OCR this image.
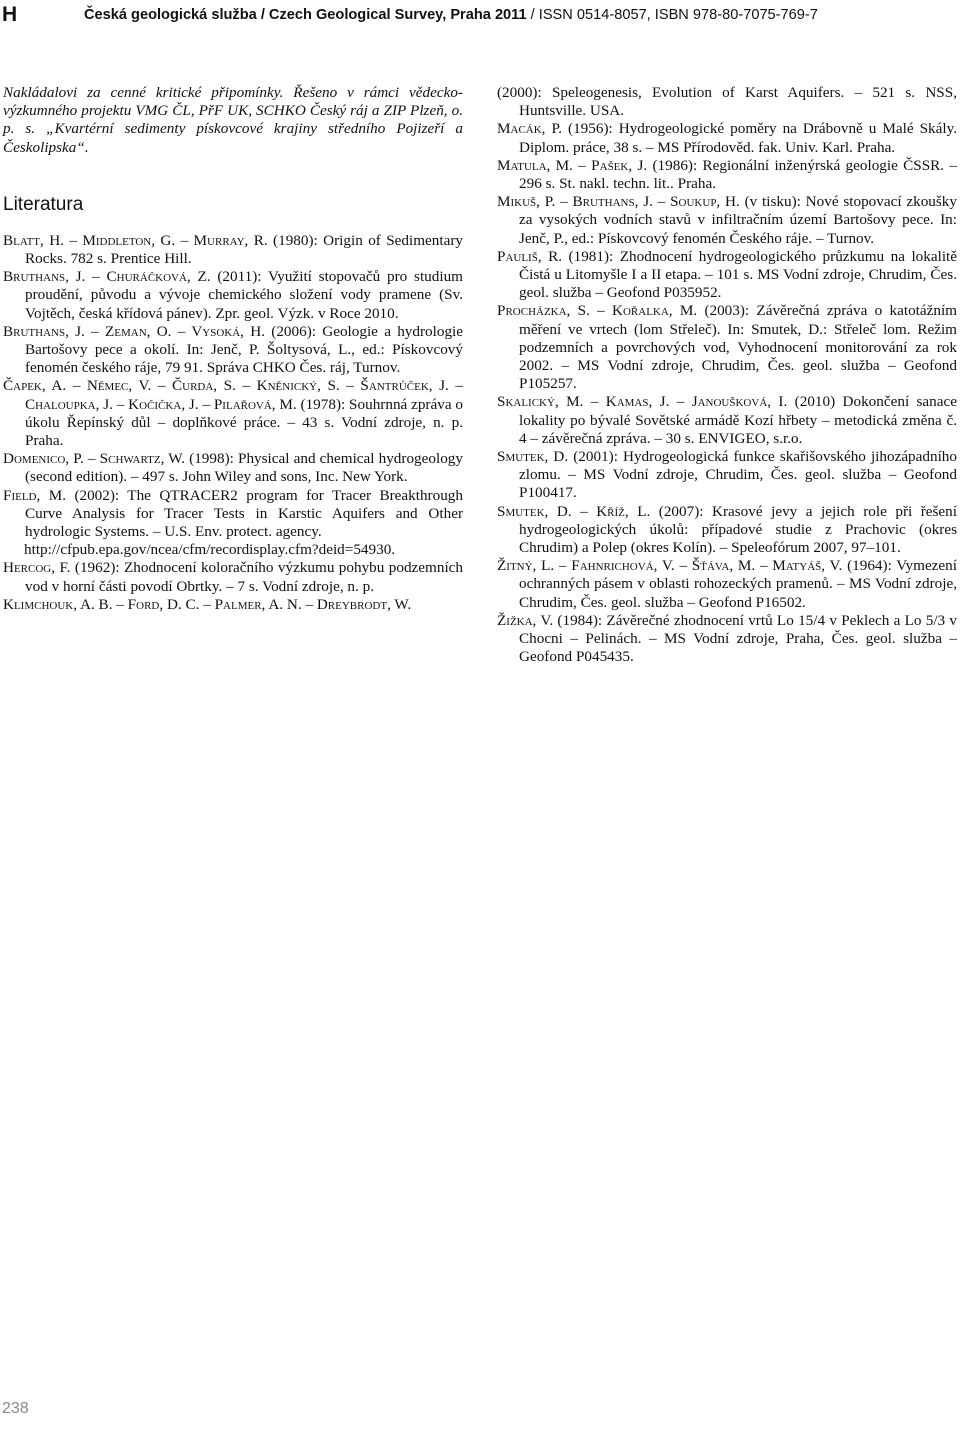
H	Česká geologická služba / Czech Geological Survey, Praha 2011 / ISSN 0514-8057, ISBN 978-80-7075-769-7

Nakládalovi za cenné kritické připomínky. Řešeno v rámci vědecko-výzkumného projektu VMG ČL, PřF UK, SCHKO Český ráj a ZIP Plzeň, o. p. s. „Kvartérní sedimenty pískovcové krajiny středního Pojizeří a Českolipska“.

Literatura

Blatt, H. – Middleton, G. – Murray, R. (1980): Origin of Sedimentary Rocks. 782 s. Prentice Hill.

Bruthans, J. – Churáčková, Z. (2011): Využití stopovačů pro studium proudění, původu a vývoje chemického složení vody pramene (Sv. Vojtěch, česká křídová pánev). Zpr. geol. Výzk. v Roce 2010.

Bruthans, J. – Zeman, O. – Vysoká, H. (2006): Geologie a hydrologie Bartošovy pece a okolí. In: Jenč, P. Šoltysová, L., ed.: Pískovcový fenomén českého ráje, 79 91. Správa CHKO Čes. ráj, Turnov.

Čapek, A. – Němec, V. – Čurda, S. – Kněnický, S. – Šantrůček, J. – Chaloupka, J. – Kočička, J. – Pilařová, M. (1978): Souhrnná zpráva o úkolu Řepínský důl – doplňkové práce. – 43 s. Vodní zdroje, n. p. Praha.

Domenico, P. – Schwartz, W. (1998): Physical and chemical hydrogeology (second edition). – 497 s. John Wiley and sons, Inc. New York.

Field, M. (2002): The QTRACER2 program for Tracer Breakthrough Curve Analysis for Tracer Tests in Karstic Aquifers and Other hydrologic Systems. – U.S. Env. protect. agency.

http://cfpub.epa.gov/ncea/cfm/recordisplay.cfm?deid=54930.

Hercog, F. (1962): Zhodnocení koloračního výzkumu pohybu podzemních vod v horní části povodí Obrtky. – 7 s. Vodní zdroje, n. p.

Klimchouk, A. B. – Ford, D. C. – Palmer, A. N. – Dreybrodt, W.

(2000): Speleogenesis, Evolution of Karst Aquifers. – 521 s. NSS, Huntsville. USA.

Macák, P. (1956): Hydrogeologické poměry na Drábovně u Malé Skály. Diplom. práce, 38 s. – MS Přírodověd. fak. Univ. Karl. Praha.

Matula, M. – Pašek, J. (1986): Regionální inženýrská geologie ČSSR. – 296 s. St. nakl. techn. lit.. Praha.

Mikuš, P. – Bruthans, J. – Soukup, H. (v tisku): Nové stopovací zkoušky za vysokých vodních stavů v infiltračním území Bartošovy pece. In: Jenč, P., ed.: Pískovcový fenomén Českého ráje. – Turnov.

Pauliš, R. (1981): Zhodnocení hydrogeologického průzkumu na lokalitě Čistá u Litomyšle I a II etapa. – 101 s. MS Vodní zdroje, Chrudim, Čes. geol. služba – Geofond P035952.

Procházka, S. – Kořalka, M. (2003): Závěrečná zpráva o katotážním měření ve vrtech (lom Střeleč). In: Smutek, D.: Střeleč lom. Režim podzemních a povrchových vod, Vyhodnocení monitorování za rok 2002. – MS Vodní zdroje, Chrudim, Čes. geol. služba – Geofond P105257.

Skalický, M. – Kamas, J. – Janoušková, I. (2010) Dokončení sanace lokality po bývalé Sovětské armádě Kozí hřbety – metodická změna č. 4 – závěrečná zpráva. – 30 s. ENVIGEO, s.r.o.

Smutek, D. (2001): Hydrogeologická funkce skařišovského jihozápadního zlomu. – MS Vodní zdroje, Chrudim, Čes. geol. služba – Geofond P100417.

Smutek, D. – Kříž, L. (2007): Krasové jevy a jejich role při řešení hydrogeologických úkolů: případové studie z Prachovic (okres Chrudim) a Polep (okres Kolín). – Speleofórum 2007, 97–101.

Žitný, L. – Fahnrichová, V. – Šťáva, M. – Matyáš, V. (1964): Vymezení ochranných pásem v oblasti rohozeckých pramenů. – MS Vodní zdroje, Chrudim, Čes. geol. služba – Geofond P16502.

Žižka, V. (1984): Závěrečné zhodnocení vrtů Lo 15/4 v Peklech a Lo 5/3 v Chocni – Pelinách. – MS Vodní zdroje, Praha, Čes. geol. služba – Geofond P045435.

238
